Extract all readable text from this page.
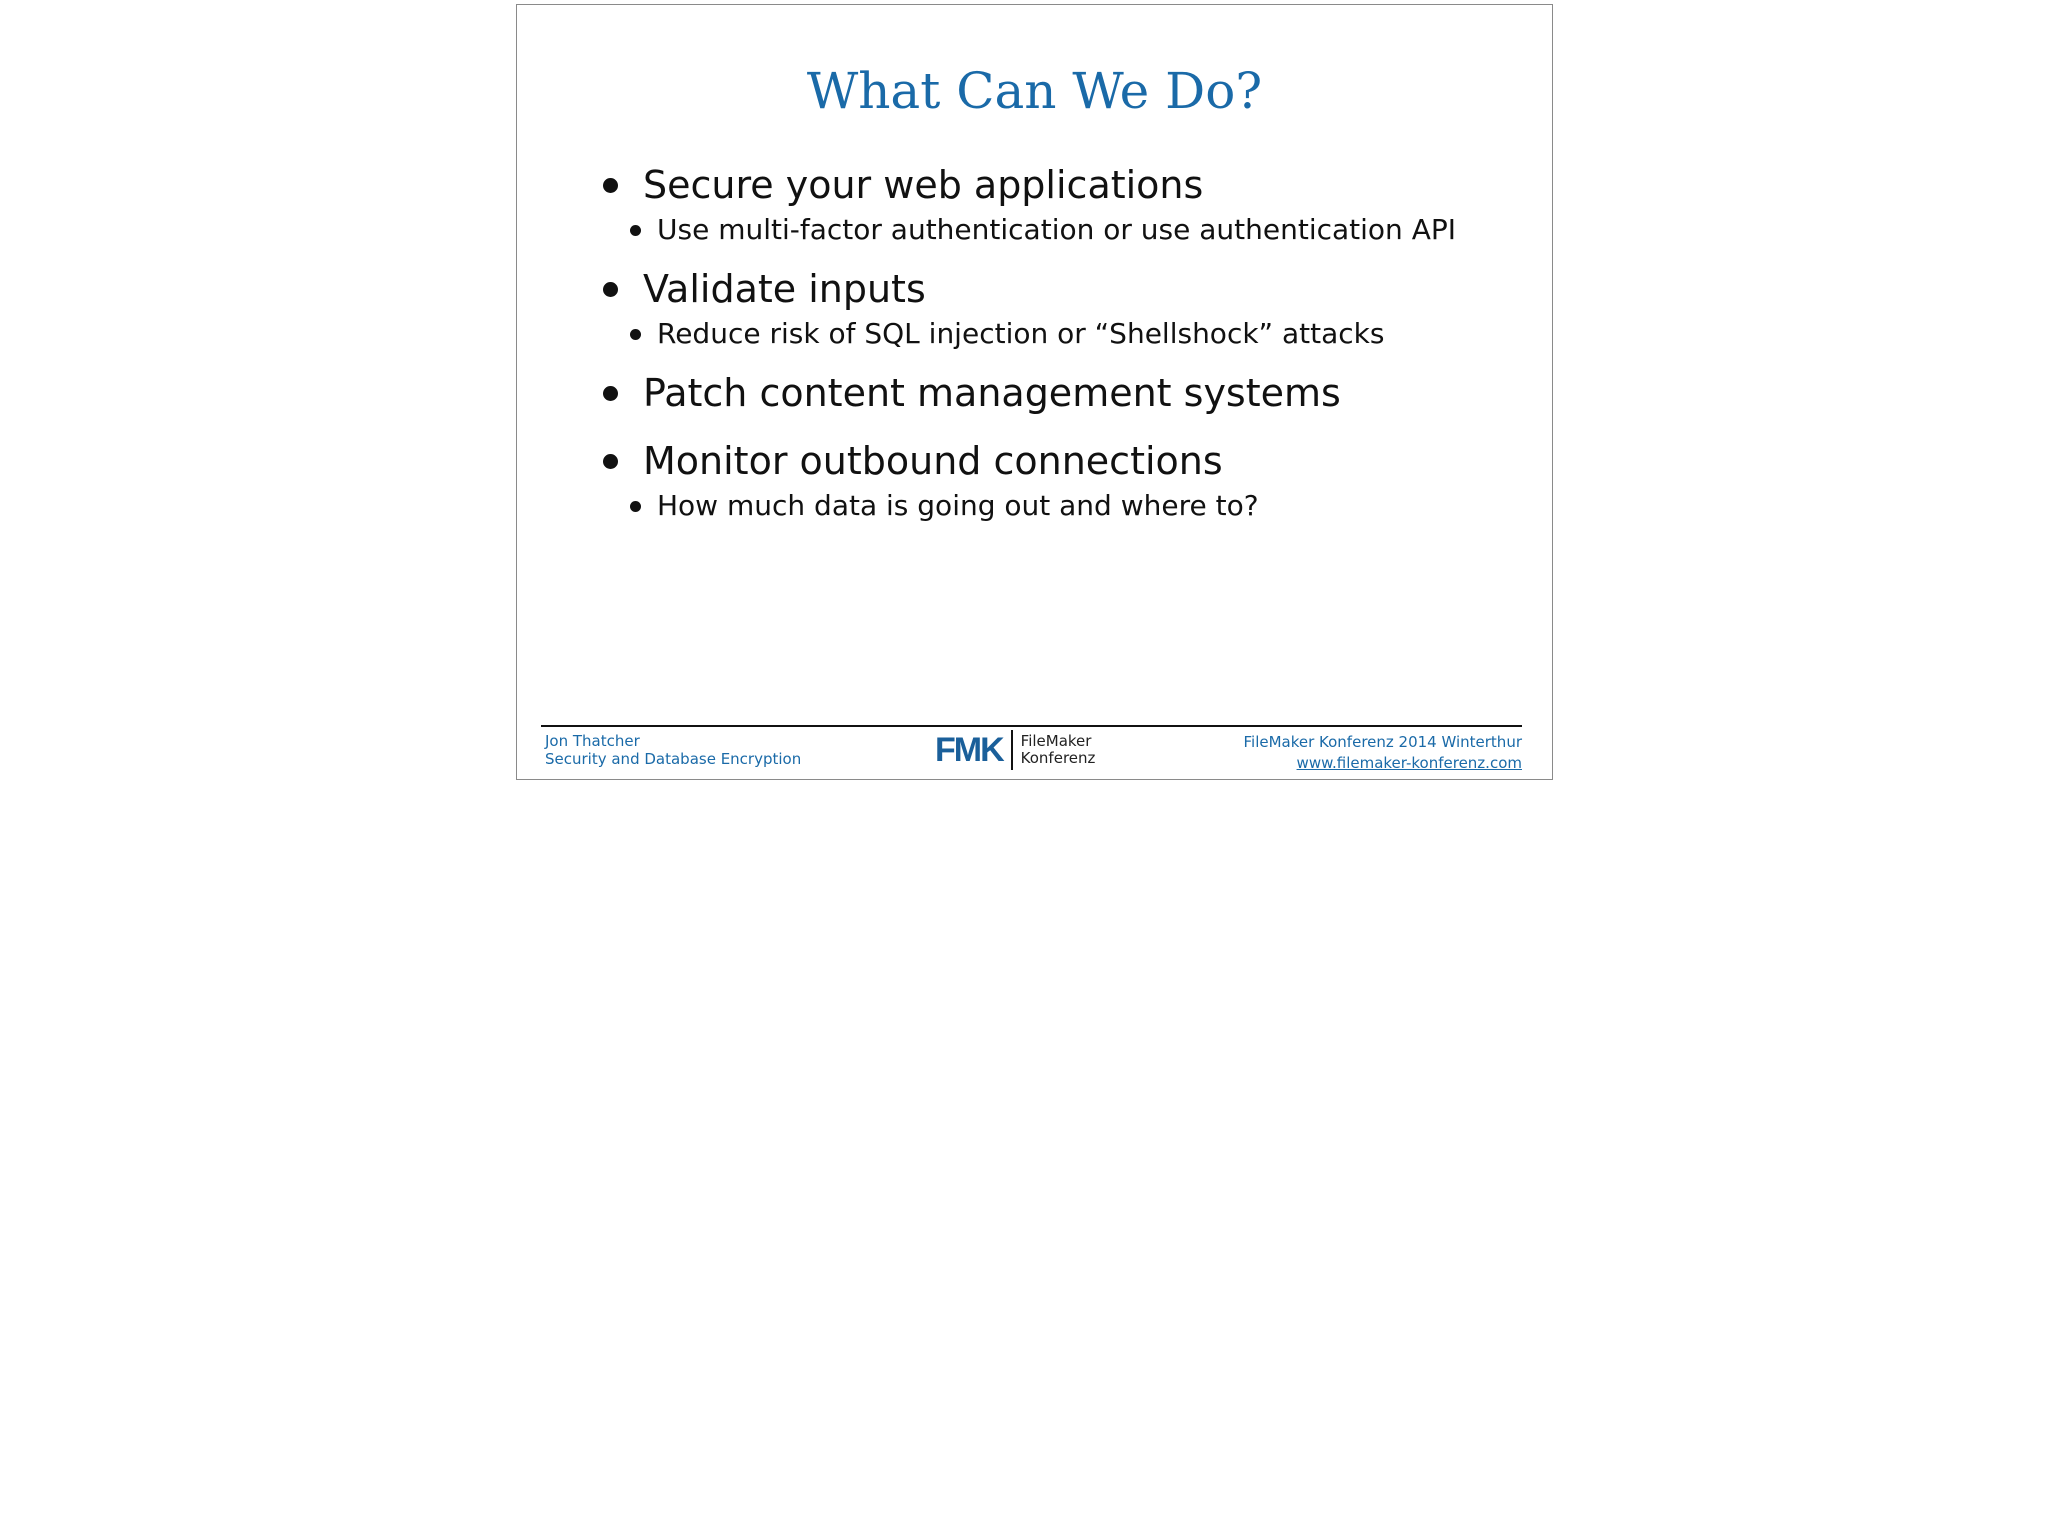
What Can We Do?
Secure your web applications
Use multi-factor authentication or use authentication API
Validate inputs
Reduce risk of SQL injection or “Shellshock” attacks
Patch content management systems
Monitor outbound connections
How much data is going out and where to?
Jon Thatcher
Security and Database Encryption	FMK FileMaker
Konferenz
FileMaker Konferenz 2014 Winterthur
www.filemaker-konferenz.com
